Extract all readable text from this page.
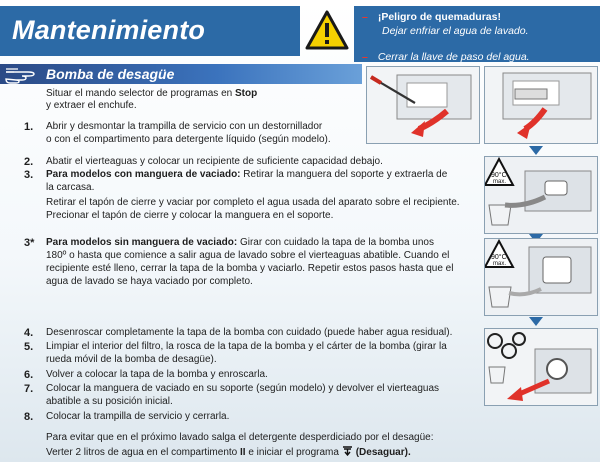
Mantenimiento	– ¡Peligro de quemaduras!
Dejar enfriar el agua de lavado.
– Cerrar la llave de paso del agua.
Bomba de desagüe
Situar el mando selector de programas en Stop
y extraer el enchufe.
1. Abrir y desmontar la trampilla de servicio con un destornillador
o con el compartimento para detergente líquido (según modelo).
2. Abatir el vierteaguas y colocar un recipiente de suficiente capacidad debajo.
3. Para modelos con manguera de vaciado: Retirar la manguera del soporte y extraerla de
la carcasa.
Retirar el tapón de cierre y vaciar por completo el agua usada del aparato sobre el recipiente.
Precionar el tapón de cierre y colocar la manguera en el soporte.
3* Para modelos sin manguera de vaciado: Girar con cuidado la tapa de la bomba unos
180º o hasta que comience a salir agua de lavado sobre el vierteaguas abatible. Cuando el
recipiente esté lleno, cerrar la tapa de la bomba y vaciarlo. Repetir estos pasos hasta que el
agua de lavado se haya vaciado por completo.
4. Desenroscar completamente la tapa de la bomba con cuidado (puede haber agua residual).
5. Limpiar el interior del filtro, la rosca de la tapa de la bomba y el cárter de la bomba (girar la
rueda móvil de la bomba de desagüe).
6. Volver a colocar la tapa de la bomba y enroscarla.
7. Colocar la manguera de vaciado en su soporte (según modelo) y devolver el vierteaguas
abatible a su posición inicial.
8. Colocar la trampilla de servicio y cerrarla.
Para evitar que en el próximo lavado salga el detergente desperdiciado por el desagüe:
Verter 2 litros de agua en el compartimento II e iniciar el programa (Desaguar).
90°C
max.
90°C
max.
